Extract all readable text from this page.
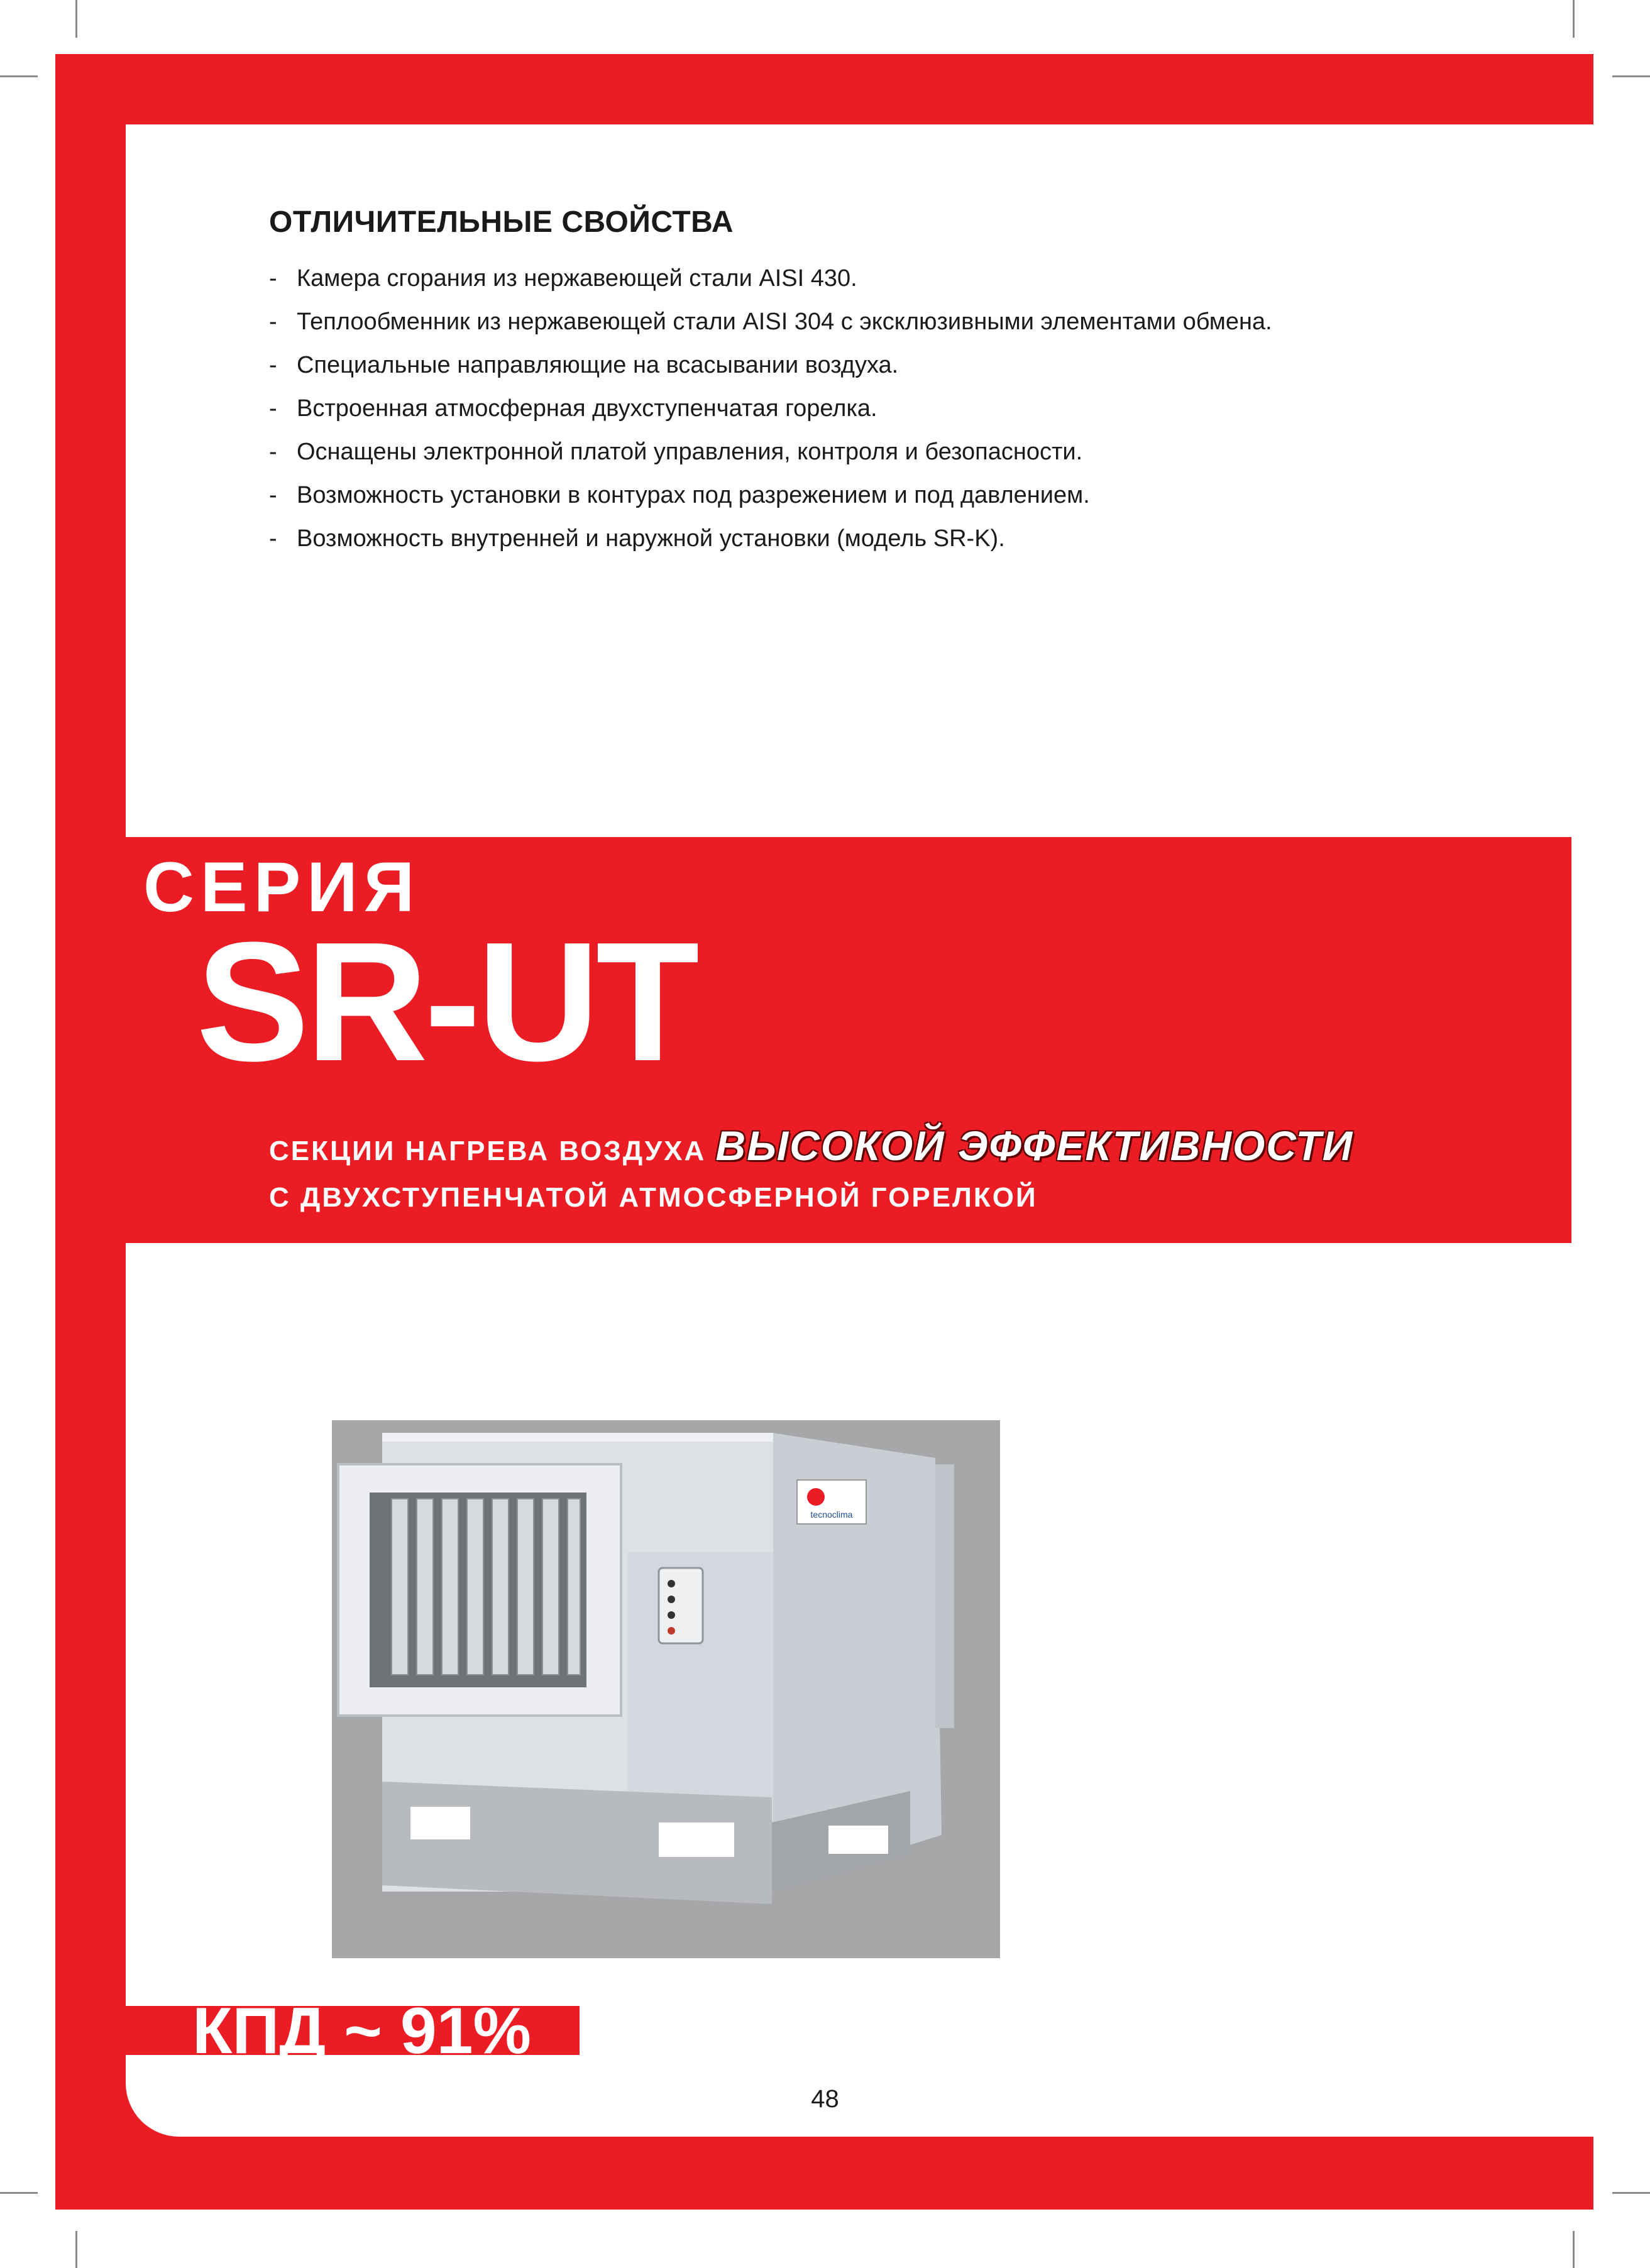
ОТЛИЧИТЕЛЬНЫЕ СВОЙСТВА
- Камера сгорания из нержавеющей стали AISI 430.
- Теплообменник из нержавеющей стали AISI 304 с эксклюзивными элементами обмена.
- Специальные направляющие на всасывании воздуха.
- Встроенная атмосферная двухступенчатая горелка.
- Оснащены электронной платой управления, контроля и безопасности.
- Возможность установки в контурах под разрежением и под давлением.
- Возможность внутренней и наружной установки (модель SR-K).
СЕРИЯ
SR-UT
СЕКЦИИ НАГРЕВА ВОЗДУХА ВЫСОКОЙ ЭФФЕКТИВНОСТИ
С ДВУХСТУПЕНЧАТОЙ АТМОСФЕРНОЙ ГОРЕЛКОЙ
tecnoclima
КПД ~ 91%
48
